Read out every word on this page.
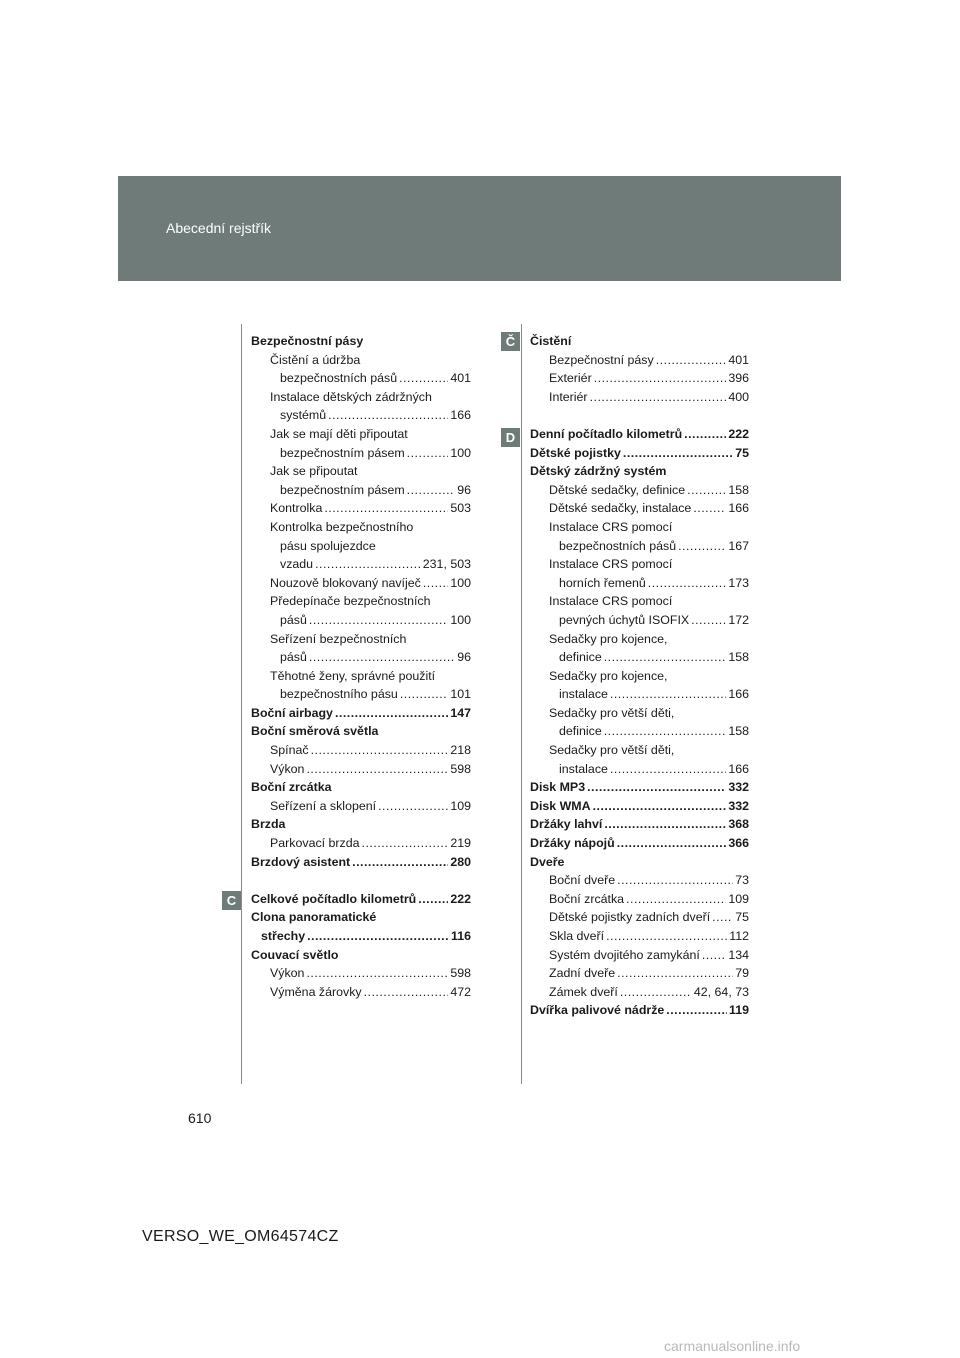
Abecední rejstřík
Bezpečnostní pásy
Čistění a údržba
bezpečnostních pásů .....	401
Instalace dětských zádržných
systémů .....	166
Jak se mají děti připoutat
bezpečnostním pásem .....	100
Jak se připoutat
bezpečnostním pásem .....	96
Kontrolka .....	503
Kontrolka bezpečnostního
pásu spolujezdce
vzadu .....	231, 503
Nouzově blokovaný navíječ ..... 100
Předepínače bezpečnostních
pásů .....	100
Seřízení bezpečnostních
pásů .....	96
Těhotné ženy, správné použití
bezpečnostního pásu .....	101
Boční airbagy .....	147
Boční směrová světla
Spínač .....	218
Výkon .....	598
Boční zrcátka
Seřízení a sklopení .....	109
Brzda
Parkovací brzda .....	219
Brzdový asistent .....	280
Celkové počítadlo kilometrů .....	222
Clona panoramatické
střechy .....	116
Couvací světlo
Výkon .....	598
Výměna žárovky .....	472
Čistění
Bezpečnostní pásy .....	401
Exteriér .....	396
Interiér .....	400
Denní počítadlo kilometrů .....	222
Dětské pojistky .....	75
Dětský zádržný systém
Dětské sedačky, definice .....	158
Dětské sedačky, instalace .....	166
Instalace CRS pomocí
bezpečnostních pásů .....	167
Instalace CRS pomocí
horních řemenů .....	173
Instalace CRS pomocí
pevných úchytů ISOFIX .....	172
Sedačky pro kojence,
definice .....	158
Sedačky pro kojence,
instalace .....	166
Sedačky pro větší děti,
definice .....	158
Sedačky pro větší děti,
instalace .....	166
Disk MP3 .....	332
Disk WMA .....	332
Držáky lahví .....	368
Držáky nápojů .....	366
Dveře
Boční dveře .....	73
Boční zrcátka .....	109
Dětské pojistky zadních dveří ..... 75
Skla dveří .....	112
Systém dvojitého zamykání ..... 134
Zadní dveře .....	79
Zámek dveří .....	42, 64, 73
Dvířka palivové nádrže .....	119
C
Č
D
610
VERSO_WE_OM64574CZ
carmanualsonline.info
